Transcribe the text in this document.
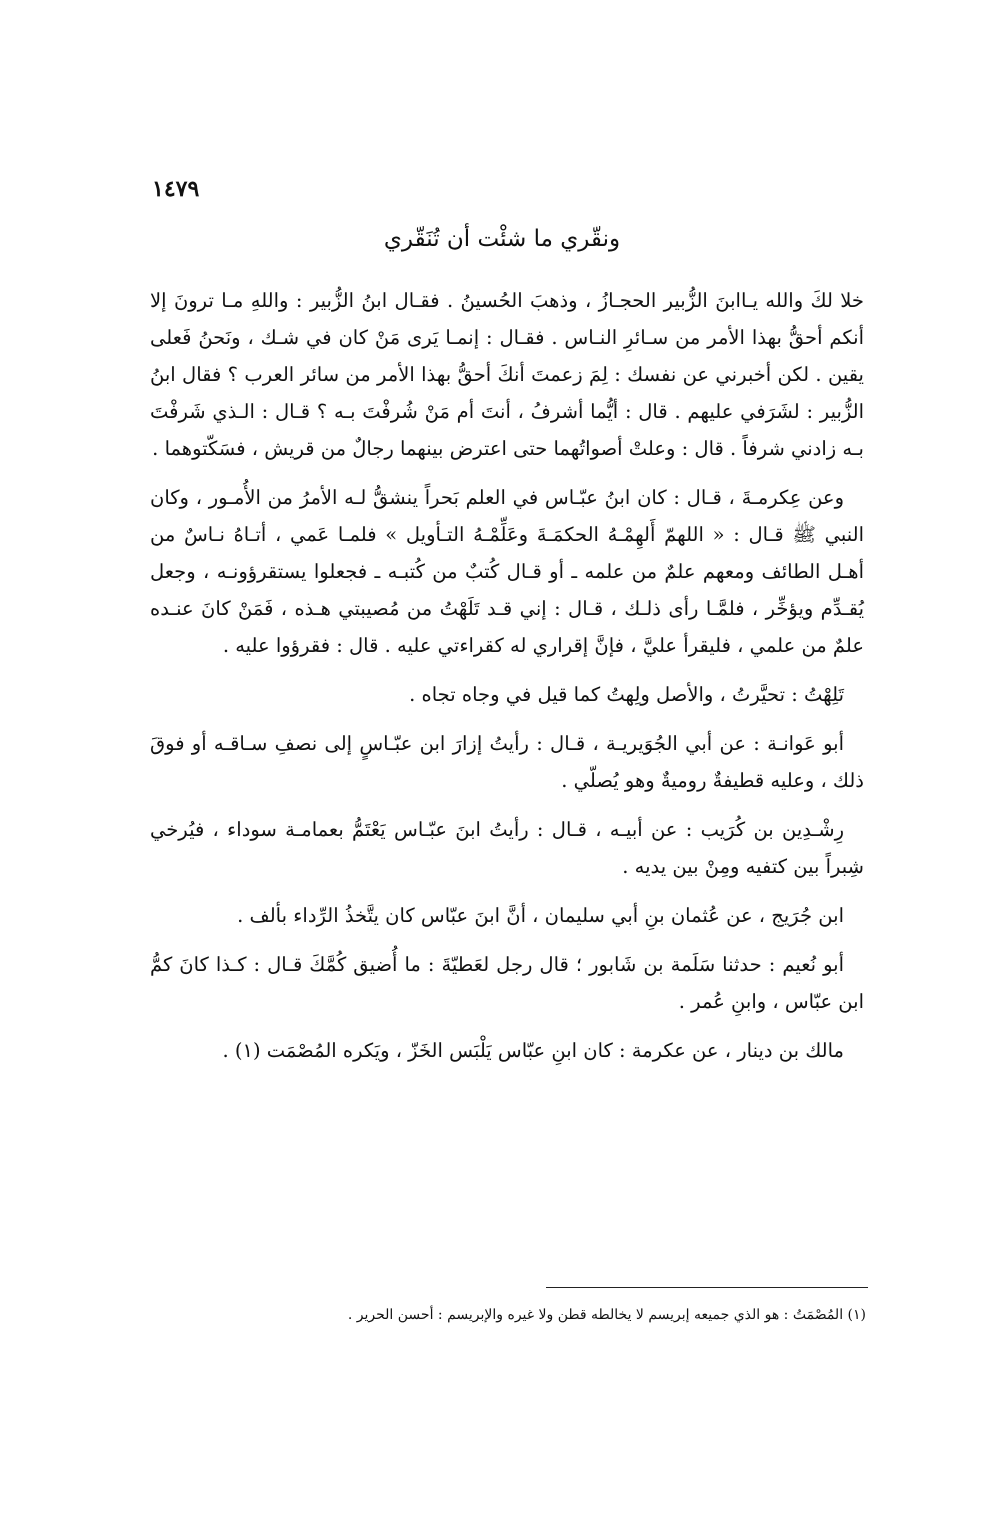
١٤٧٩
ونقّري ما شئْت أن تُنَقّري

خلا لكَ والله يـاابنَ الزُّبير الحجـازُ ، وذهبَ الحُسينُ . فقـال ابنُ الزُّبير : واللهِ مـا ترونَ إلا أنكم أحقُّ بهذا الأمر من سـائرِ النـاس . فقـال : إنمـا يَرى مَنْ كان في شـك ، ونَحنُ فَعلى يقين . لكن أخبرني عن نفسك : لِمَ زعمتَ أنكَ أحقُّ بهذا الأمر من سائر العرب ؟ فقال ابنُ الزُّبير : لشَرَفي عليهم . قال : أيُّما أشرفُ ، أنتَ أم مَنْ شُرفْتَ بـه ؟ قـال : الـذي شَرفْتَ بـه زادني شرفاً . قال : وعلتْ أصواتُهما حتى اعترض بينهما رجالٌ من قريش ، فسَكّتوهما .

وعن عِكرمـةَ ، قـال : كان ابنُ عبّـاس في العلم بَحراً ينشقُّ لـه الأمرُ من الأُمـور ، وكان النبي ﷺ قـال : « اللهمّ أَلهِمْـهُ الحكمَـةَ وعَلِّمْـهُ التـأويل » فلمـا عَمي ، أتـاهُ نـاسٌ من أهـل الطائف ومعهم علمٌ من علمه ـ أو قـال كُتبٌ من كُتبـه ـ فجعلوا يستقرؤونـه ، وجعل يُقـدِّم ويؤخِّر ، فلمَّـا رأى ذلـك ، قـال : إني قـد تَلَهْتُ من مُصيبتي هـذه ، فَمَنْ كانَ عنـده علمٌ من علمي ، فليقرأ عليَّ ، فإنَّ إقراري له كقراءتي عليه . قال : فقرؤوا عليه .

تَلِهْتُ : تحيَّرتُ ، والأصل ولِهتُ كما قيل في وجاه تجاه .

أبو عَوانـة : عن أبي الجُوَيريـة ، قـال : رأيتُ إزارَ ابن عبّـاسٍ إلى نصفِ سـاقـه أو فوقَ ذلك ، وعليه قطيفةٌ روميةٌ وهو يُصلّي .

رِشْـدِين بن كُرَيب : عن أبيـه ، قـال : رأيتُ ابنَ عبّـاس يَعْتَمُّ بعمامـة سوداء ، فيُرخي شِبراً بين كتفيه ومِنْ بين يديه .

ابن جُرَيج ، عن عُثمان بنِ أبي سليمان ، أنَّ ابنَ عبّاس كان يتَّخذُ الرِّداء بألف .

أبو نُعيم : حدثنا سَلَمة بن شَابور ؛ قال رجل لعَطيّةَ : ما أُضيق كُمَّكَ قـال : كـذا كانَ كمُّ ابن عبّاس ، وابنِ عُمر .

مالك بن دينار ، عن عكرمة : كان ابنِ عبّاس يَلْبَس الخَزّ ، ويَكره المُصْمَت (١) .

(١) المُصْمَتُ : هو الذي جميعه إبريسم لا يخالطه قطن ولا غيره والإبريسم : أحسن الحرير .
